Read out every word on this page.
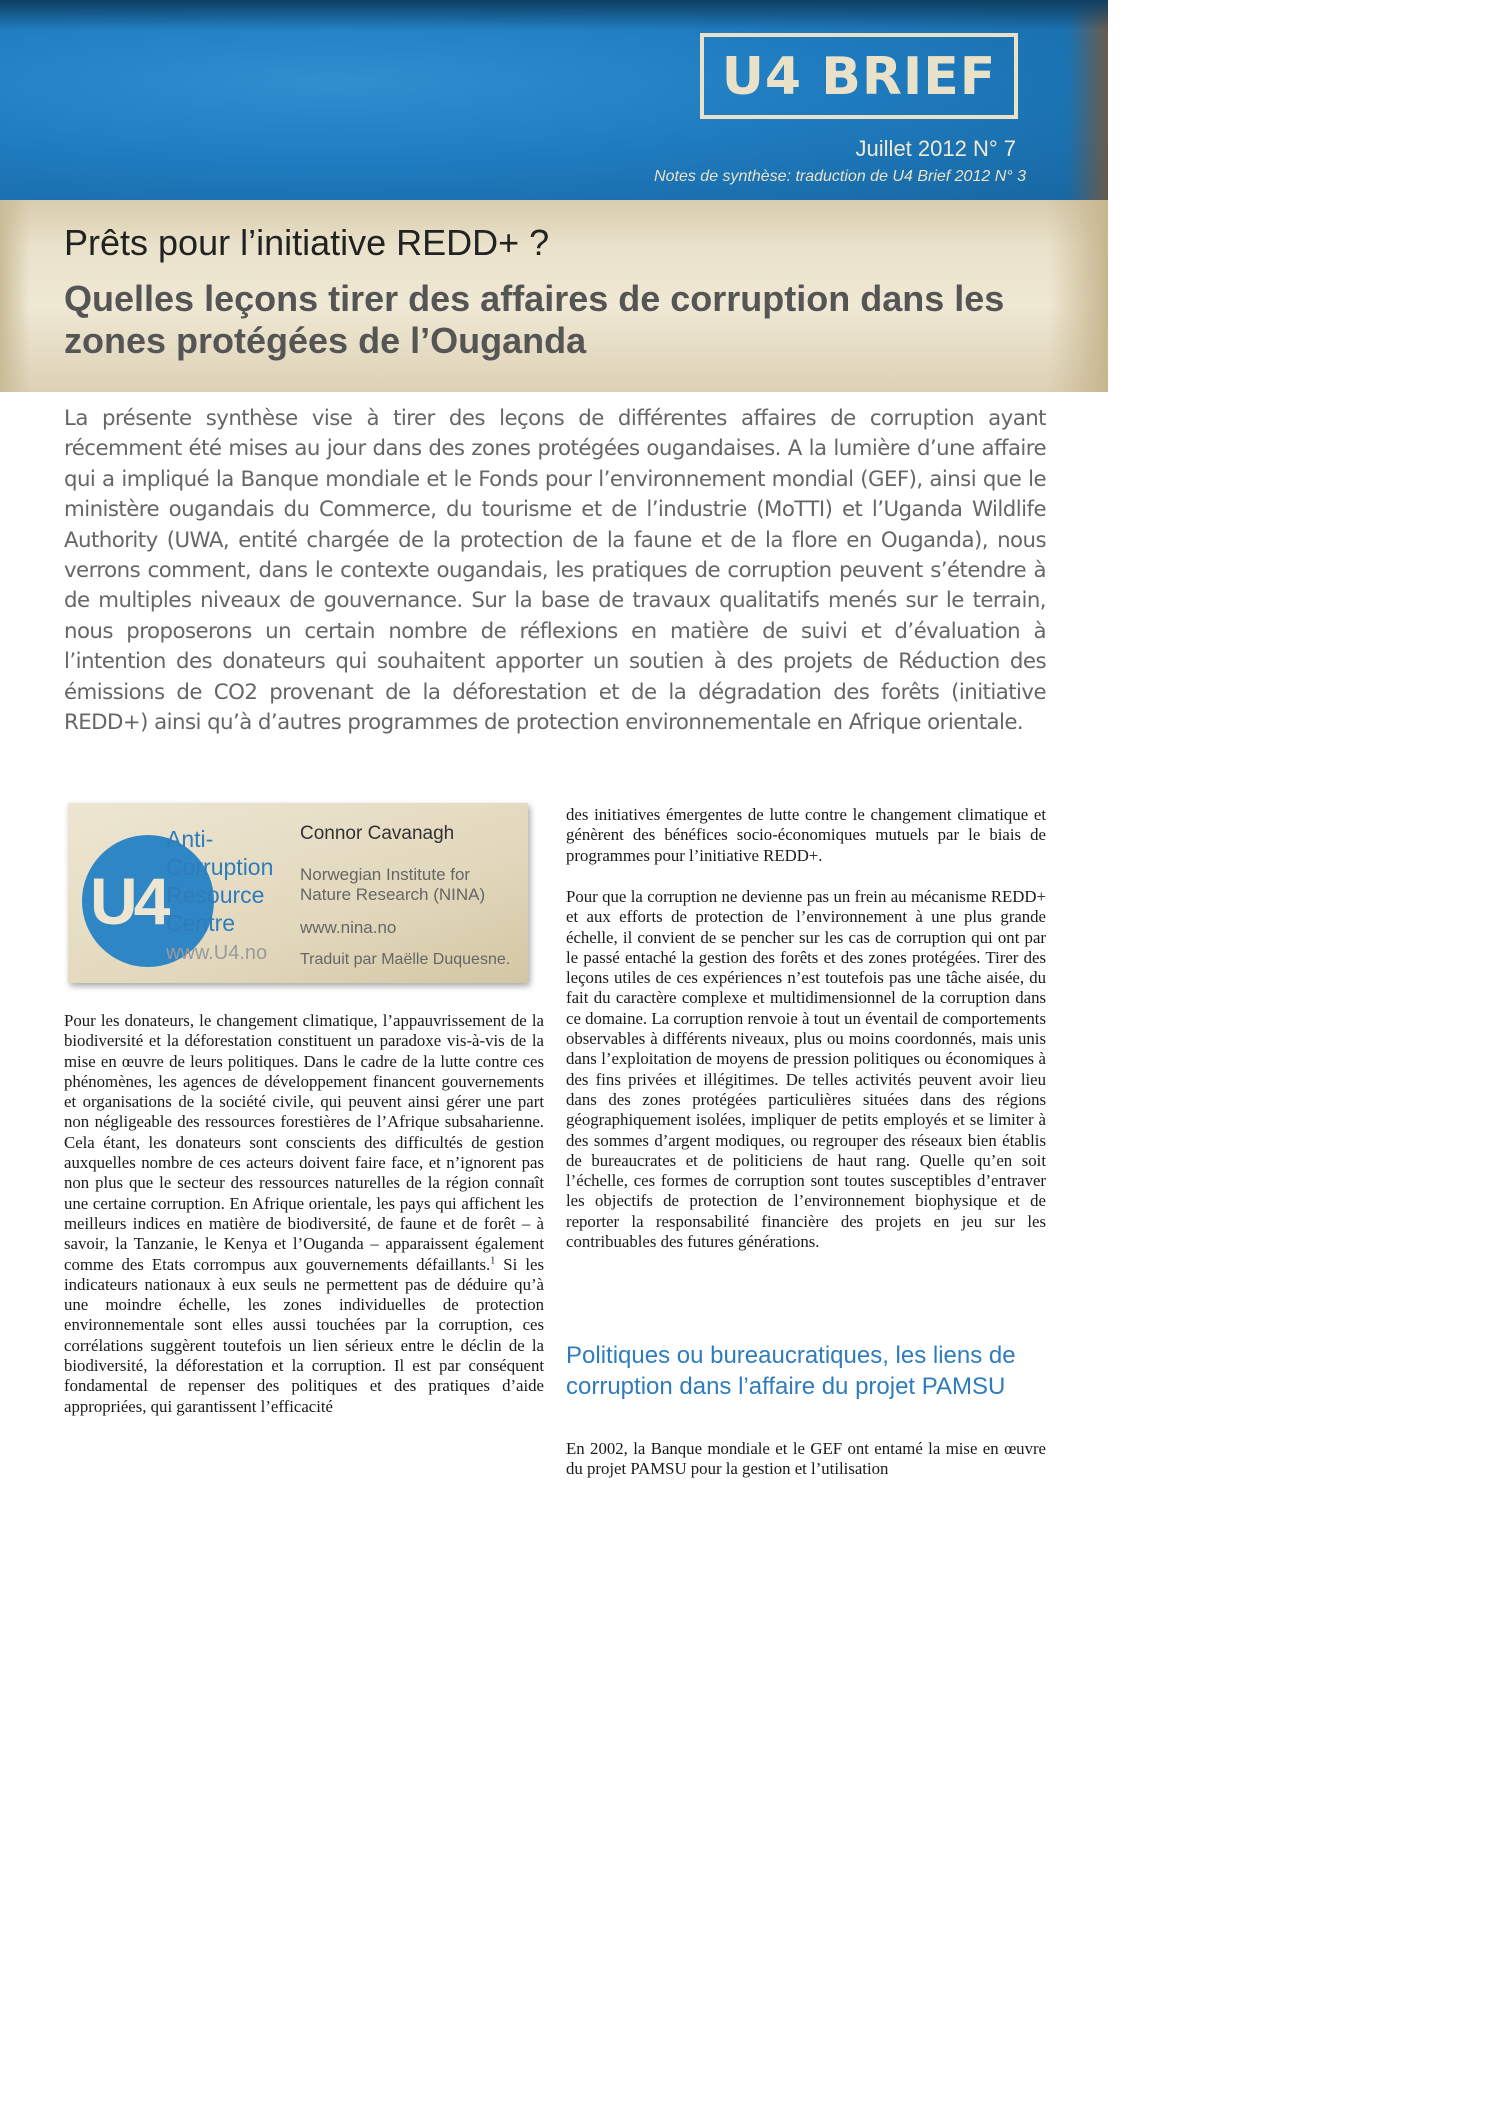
U4 BRIEF
Juillet 2012 N° 7
Notes de synthèse: traduction de U4 Brief 2012 N° 3
Prêts pour l’initiative REDD+ ?
Quelles leçons tirer des affaires de corruption dans les zones protégées de l’Ouganda

La présente synthèse vise à tirer des leçons de différentes affaires de corruption ayant récemment été mises au jour dans des zones protégées ougandaises. A la lumière d’une affaire qui a impliqué la Banque mondiale et le Fonds pour l’environnement mondial (GEF), ainsi que le ministère ougandais du Commerce, du tourisme et de l’industrie (MoTTI) et l’Uganda Wildlife Authority (UWA, entité chargée de la protection de la faune et de la flore en Ouganda), nous verrons comment, dans le contexte ougandais, les pratiques de corruption peuvent s’étendre à de multiples niveaux de gouvernance. Sur la base de travaux qualitatifs menés sur le terrain, nous proposerons un certain nombre de réflexions en matière de suivi et d’évaluation à l’intention des donateurs qui souhaitent apporter un soutien à des projets de Réduction des émissions de CO2 provenant de la déforestation et de la dégradation des forêts (initiative REDD+) ainsi qu’à d’autres programmes de protection environnementale en Afrique orientale.

U4
Anti-
Corruption
Resource
Centre
www.U4.no
Connor Cavanagh
Norwegian Institute for Nature Research (NINA)
www.nina.no
Traduit par Maëlle Duquesne.

Pour les donateurs, le changement climatique, l’appauvrissement de la biodiversité et la déforestation constituent un paradoxe vis-à-vis de la mise en œuvre de leurs politiques. Dans le cadre de la lutte contre ces phénomènes, les agences de développement financent gouvernements et organisations de la société civile, qui peuvent ainsi gérer une part non négligeable des ressources forestières de l’Afrique subsaharienne. Cela étant, les donateurs sont conscients des difficultés de gestion auxquelles nombre de ces acteurs doivent faire face, et n’ignorent pas non plus que le secteur des ressources naturelles de la région connaît une certaine corruption. En Afrique orientale, les pays qui affichent les meilleurs indices en matière de biodiversité, de faune et de forêt – à savoir, la Tanzanie, le Kenya et l’Ouganda – apparaissent également comme des Etats corrompus aux gouvernements défaillants.$^1$ Si les indicateurs nationaux à eux seuls ne permettent pas de déduire qu’à une moindre échelle, les zones individuelles de protection environnementale sont elles aussi touchées par la corruption, ces corrélations suggèrent toutefois un lien sérieux entre le déclin de la biodiversité, la déforestation et la corruption. Il est par conséquent fondamental de repenser des politiques et des pratiques d’aide appropriées, qui garantissent l’efficacité

des initiatives émergentes de lutte contre le changement climatique et génèrent des bénéfices socio-économiques mutuels par le biais de programmes pour l’initiative REDD+.

Pour que la corruption ne devienne pas un frein au mécanisme REDD+ et aux efforts de protection de l’environnement à une plus grande échelle, il convient de se pencher sur les cas de corruption qui ont par le passé entaché la gestion des forêts et des zones protégées. Tirer des leçons utiles de ces expériences n’est toutefois pas une tâche aisée, du fait du caractère complexe et multidimensionnel de la corruption dans ce domaine. La corruption renvoie à tout un éventail de comportements observables à différents niveaux, plus ou moins coordonnés, mais unis dans l’exploitation de moyens de pression politiques ou économiques à des fins privées et illégitimes. De telles activités peuvent avoir lieu dans des zones protégées particulières situées dans des régions géographiquement isolées, impliquer de petits employés et se limiter à des sommes d’argent modiques, ou regrouper des réseaux bien établis de bureaucrates et de politiciens de haut rang. Quelle qu’en soit l’échelle, ces formes de corruption sont toutes susceptibles d’entraver les objectifs de protection de l’environnement biophysique et de reporter la responsabilité financière des projets en jeu sur les contribuables des futures générations.

Politiques ou bureaucratiques, les liens de corruption dans l’affaire du projet PAMSU

En 2002, la Banque mondiale et le GEF ont entamé la mise en œuvre du projet PAMSU pour la gestion et l’utilisation
